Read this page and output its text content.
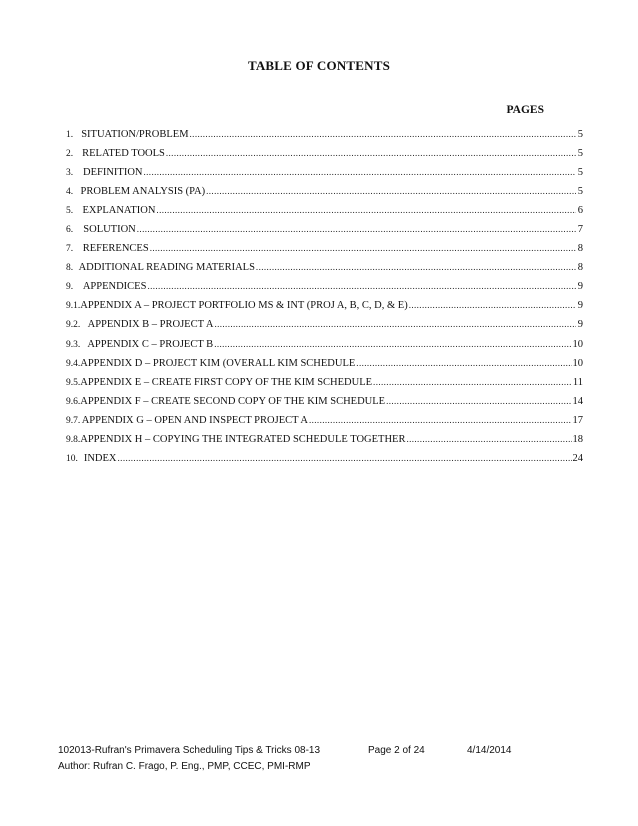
TABLE OF CONTENTS
PAGES
1. SITUATION/PROBLEM .....	5
2. RELATED TOOLS .....	5
3. DEFINITION .....	5
4. PROBLEM ANALYSIS (PA) .....	5
5. EXPLANATION .....	6
6. SOLUTION .....	7
7. REFERENCES .....	8
8. ADDITIONAL READING MATERIALS .....	8
9. APPENDICES .....	9
9.1. APPENDIX A – PROJECT PORTFOLIO MS & INT (PROJ A, B, C, D, & E) .....	9
9.2. APPENDIX B – PROJECT A .....	9
9.3. APPENDIX C – PROJECT B .....	10
9.4. APPENDIX D – PROJECT KIM (OVERALL KIM SCHEDULE .....	10
9.5. APPENDIX E – CREATE FIRST COPY OF THE KIM SCHEDULE .....	11
9.6. APPENDIX F – CREATE SECOND COPY OF THE KIM SCHEDULE .....	14
9.7. APPENDIX G – OPEN AND INSPECT PROJECT A .....	17
9.8. APPENDIX H – COPYING THE INTEGRATED SCHEDULE TOGETHER .....	18
10. INDEX .....	24
102013-Rufran's Primavera Scheduling Tips & Tricks 08-13	Page 2 of 24	4/14/2014
Author: Rufran C. Frago, P. Eng., PMP, CCEC, PMI-RMP
